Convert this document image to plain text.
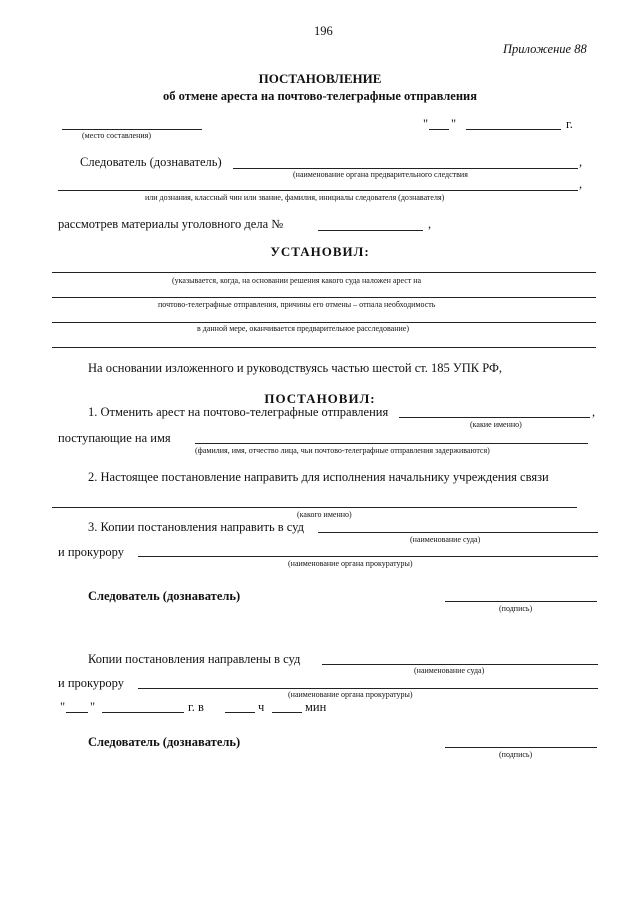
196
Приложение 88
ПОСТАНОВЛЕНИЕ
об отмене ареста на почтово-телеграфные отправления
(место составления)
" "	г.
Следователь (дознаватель)	,
(наименование органа предварительного следствия
,
или дознания, классный чин или звание, фамилия, инициалы следователя (дознавателя)
рассмотрев материалы уголовного дела №	,
УСТАНОВИЛ:
(указывается, когда, на основании решения какого суда наложен арест на
почтово-телеграфные отправления, причины его отмены – отпала необходимость
в данной мере, оканчивается предварительное расследование)
На основании изложенного и руководствуясь частью шестой ст. 185 УПК РФ,
ПОСТАНОВИЛ:
1. Отменить арест на почтово-телеграфные отправления	,
(какие именно)
поступающие на имя
(фамилия, имя, отчество лица, чьи почтово-телеграфные отправления задерживаются)
2. Настоящее постановление направить для исполнения начальнику учреждения связи
(какого именно)
3. Копии постановления направить в суд
(наименование суда)
и прокурору
(наименование органа прокуратуры)
Следователь (дознаватель)
(подпись)
Копии постановления направлены в суд
(наименование суда)
и прокурору
(наименование органа прокуратуры)
" "	г. в	ч	мин
Следователь (дознаватель)
(подпись)
